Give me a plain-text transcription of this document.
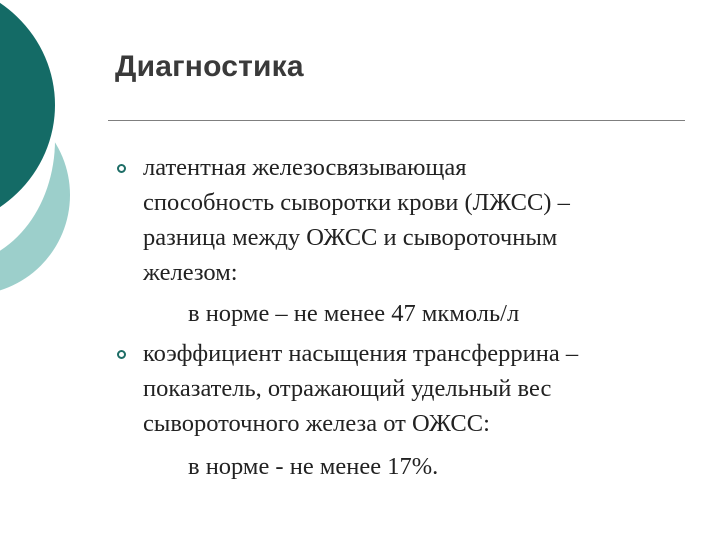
Диагностика
латентная железосвязывающая
способность сыворотки крови (ЛЖСС) –
разница между ОЖСС и сывороточным
железом:
в норме – не менее 47 мкмоль/л
коэффициент насыщения трансферрина –
показатель, отражающий удельный вес
сывороточного железа от ОЖСС:
в норме - не менее 17%.
